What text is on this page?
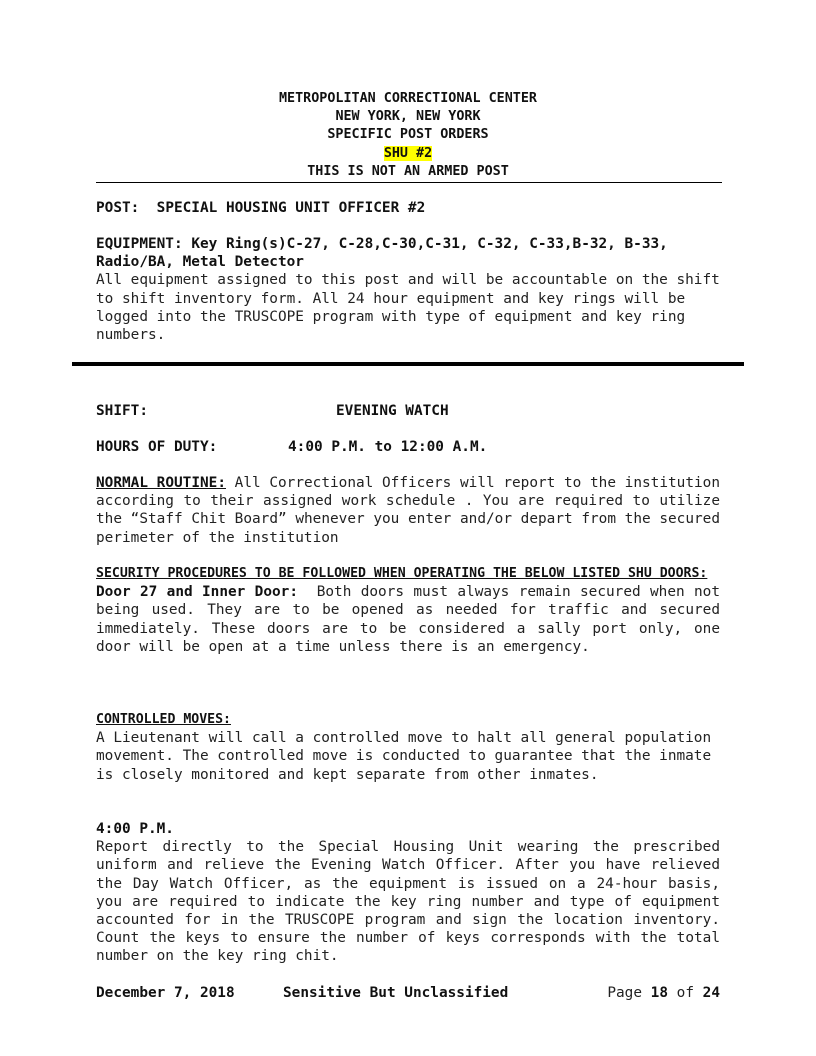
METROPOLITAN CORRECTIONAL CENTER
NEW YORK, NEW YORK
SPECIFIC POST ORDERS
SHU #2
THIS IS NOT AN ARMED POST
POST: SPECIAL HOUSING UNIT OFFICER #2

EQUIPMENT: Key Ring(s)C-27, C-28,C-30,C-31, C-32, C-33,B-32, B-33, Radio/BA, Metal Detector

All equipment assigned to this post and will be accountable on the shift to shift inventory form. All 24 hour equipment and key rings will be logged into the TRUSCOPE program with type of equipment and key ring numbers.

SHIFT:	EVENING WATCH
HOURS OF DUTY:	4:00 P.M. to 12:00 A.M.
NORMAL ROUTINE: All Correctional Officers will report to the institution according to their assigned work schedule . You are required to utilize the “Staff Chit Board” whenever you enter and/or depart from the secured perimeter of the institution

SECURITY PROCEDURES TO BE FOLLOWED WHEN OPERATING THE BELOW LISTED SHU DOORS:

Door 27 and Inner Door: Both doors must always remain secured when not being used. They are to be opened as needed for traffic and secured immediately. These doors are to be considered a sally port only, one door will be open at a time unless there is an emergency.

CONTROLLED MOVES:

A Lieutenant will call a controlled move to halt all general population movement. The controlled move is conducted to guarantee that the inmate is closely monitored and kept separate from other inmates.

4:00 P.M.

Report directly to the Special Housing Unit wearing the prescribed uniform and relieve the Evening Watch Officer. After you have relieved the Day Watch Officer, as the equipment is issued on a 24-hour basis, you are required to indicate the key ring number and type of equipment accounted for in the TRUSCOPE program and sign the location inventory. Count the keys to ensure the number of keys corresponds with the total number on the key ring chit.

December 7, 2018	Sensitive But Unclassified	Page 18 of 24
